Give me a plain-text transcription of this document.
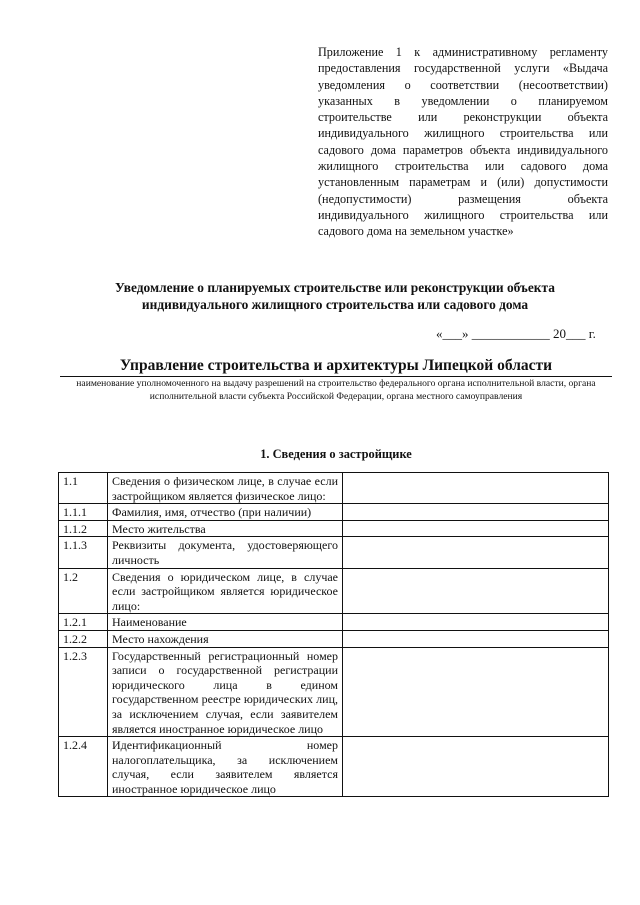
Приложение 1 к административному регламенту предоставления государственной услуги «Выдача уведомления о соответствии (несоответствии) указанных в уведомлении о планируемом строительстве или реконструкции объекта индивидуального жилищного строительства или садового дома параметров объекта индивидуального жилищного строительства или садового дома установленным параметрам и (или) допустимости (недопустимости) размещения объекта индивидуального жилищного строительства или садового дома на земельном участке»
Уведомление о планируемых строительстве или реконструкции объекта
индивидуального жилищного строительства или садового дома
«___» ____________ 20___ г.
Управление строительства и архитектуры Липецкой области
наименование уполномоченного на выдачу разрешений на строительство федерального органа исполнительной власти, органа исполнительной власти субъекта Российской Федерации, органа местного самоуправления
1. Сведения о застройщике
1.1	Сведения о физическом лице, в случае если застройщиком является физическое лицо:	
1.1.1	Фамилия, имя, отчество (при наличии)	
1.1.2	Место жительства	
1.1.3	Реквизиты документа, удостоверяющего личность	
1.2	Сведения о юридическом лице, в случае если застройщиком является юридическое лицо:	
1.2.1	Наименование	
1.2.2	Место нахождения	
1.2.3	Государственный регистрационный номер записи о государственной регистрации юридического лица в едином государственном реестре юридических лиц, за исключением случая, если заявителем является иностранное юридическое лицо	
1.2.4	Идентификационный номер налогоплательщика, за исключением случая, если заявителем является иностранное юридическое лицо	
